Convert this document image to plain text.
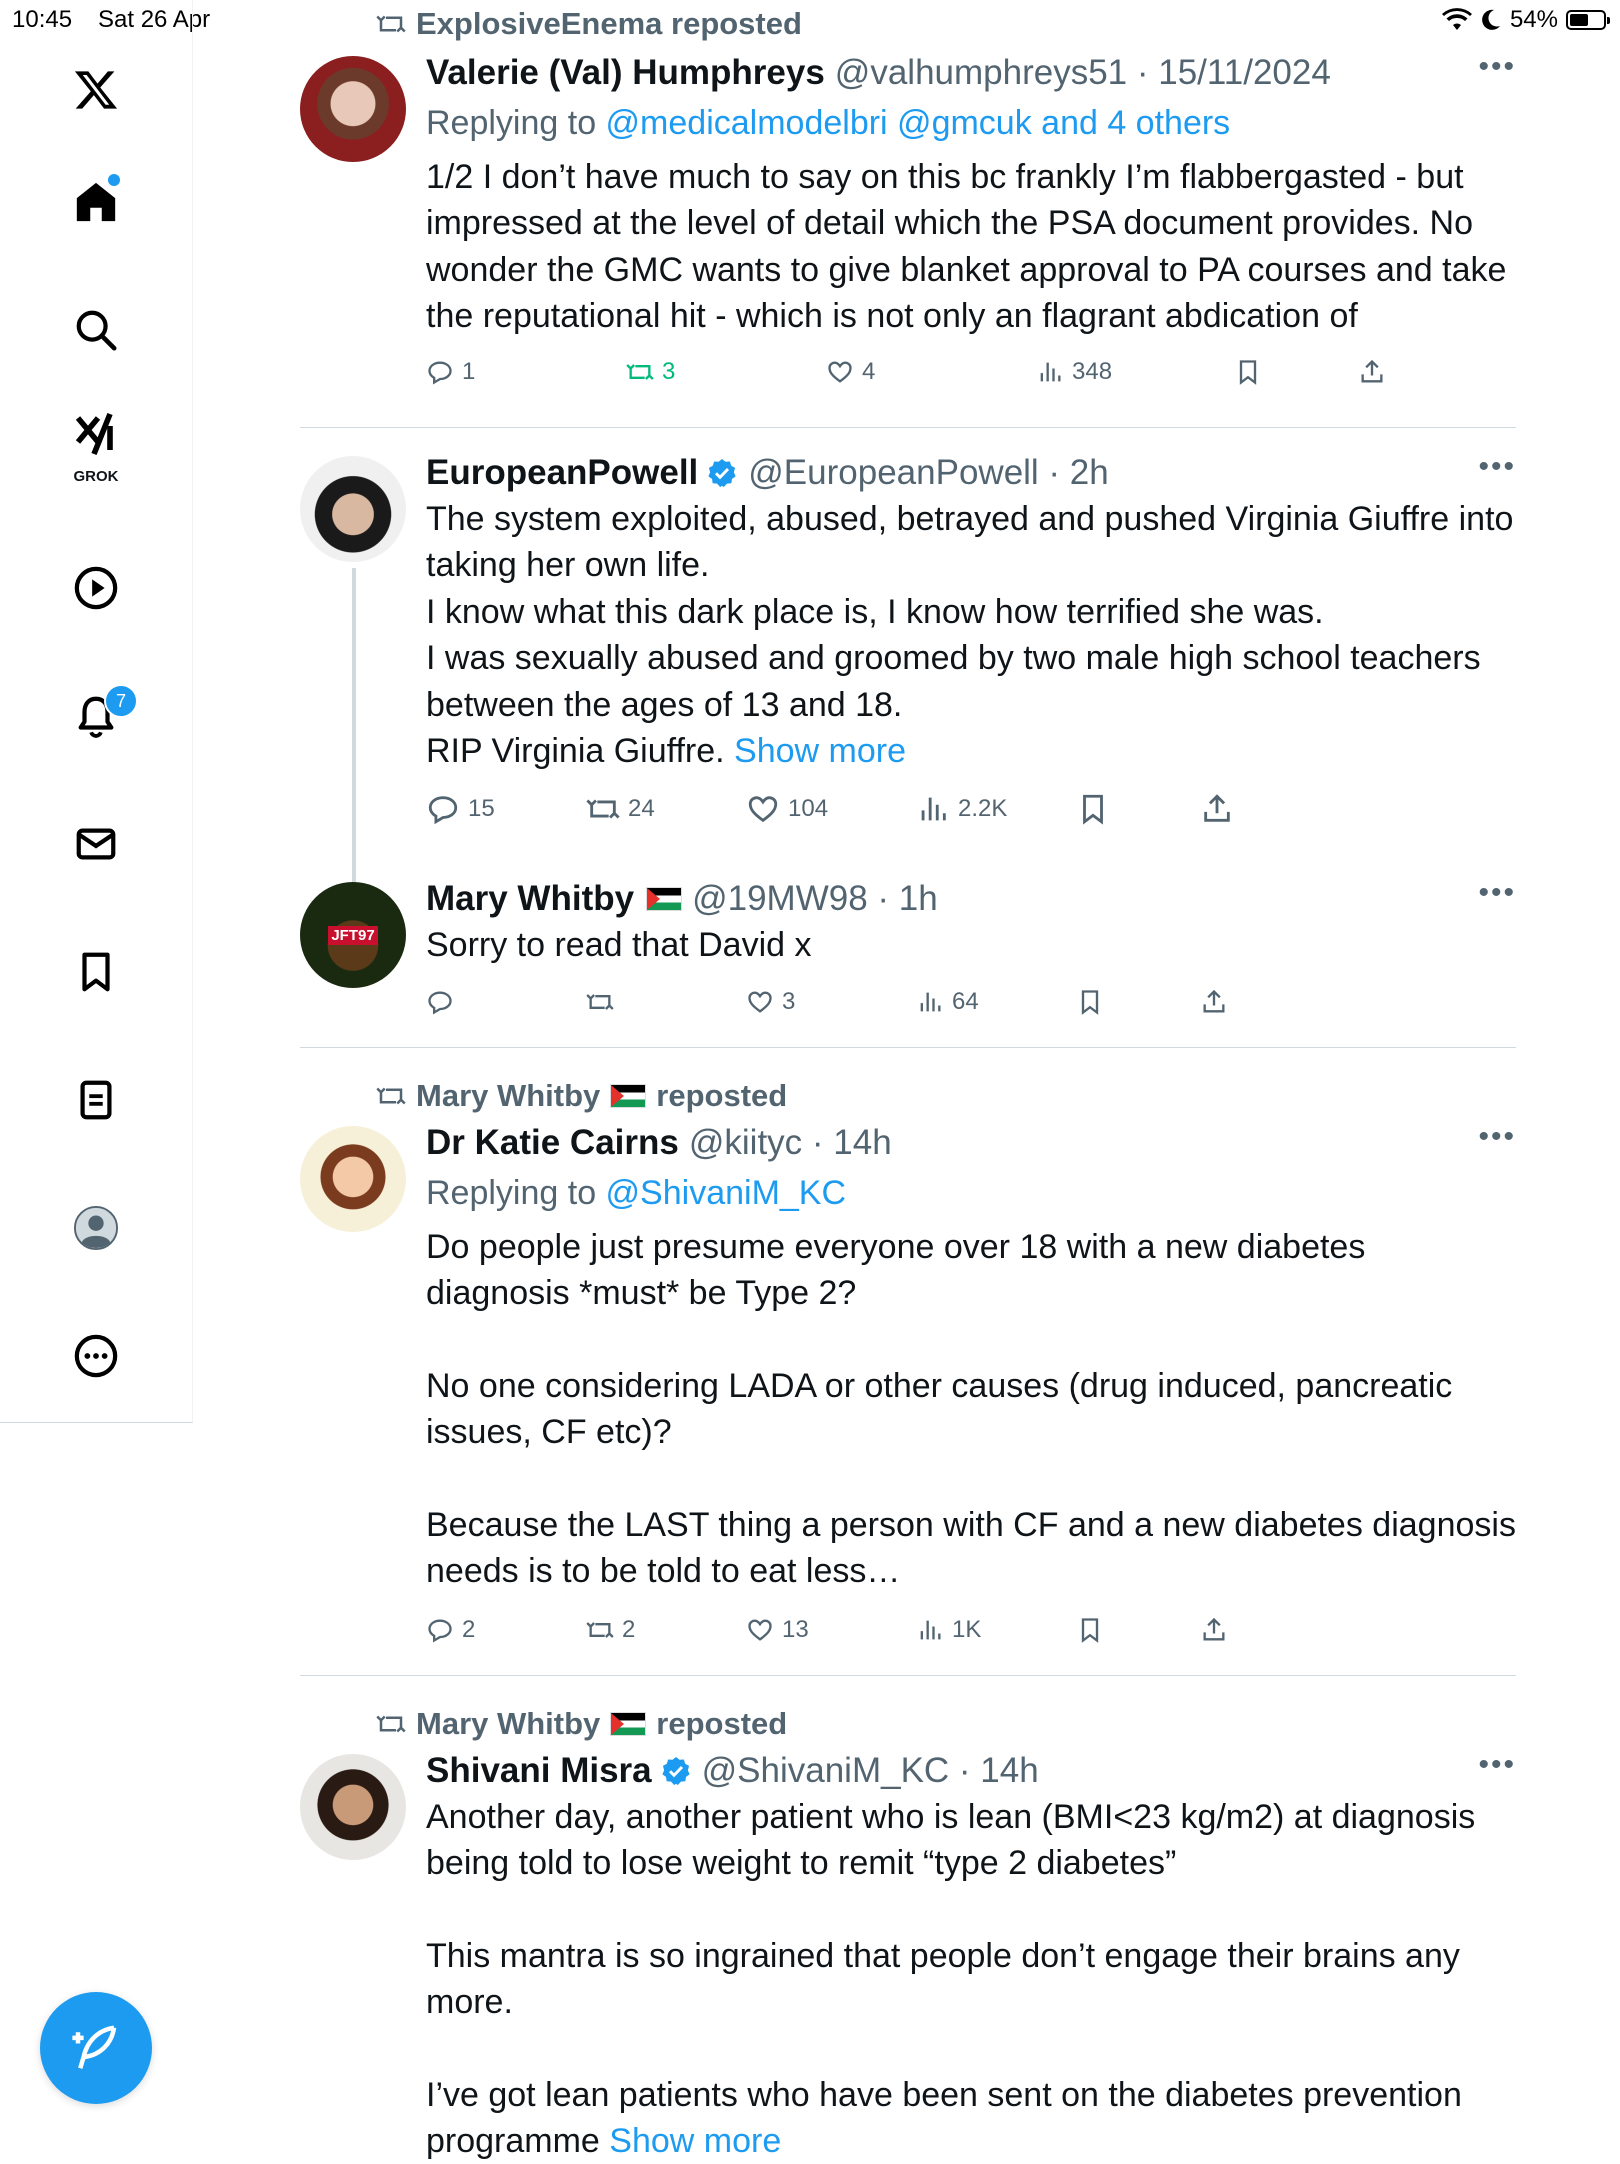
10:45 Sat 26 Apr	54%
GROK
7
ExplosiveEnema reposted
Valerie (Val) Humphreys @valhumphreys51 · 15/11/2024	•••
Replying to @medicalmodelbri @gmcuk and 4 others

1/2 I don’t have much to say on this bc frankly I’m flabbergasted - but impressed at the level of detail which the PSA document provides. No wonder the GMC wants to give blanket approval to PA courses and take the reputational hit - which is not only an flagrant abdication of

1	3	4	348
EuropeanPowell @EuropeanPowell · 2h	•••

The system exploited, abused, betrayed and pushed Virginia Giuffre into taking her own life.

I know what this dark place is, I know how terrified she was.

I was sexually abused and groomed by two male high school teachers between the ages of 13 and 18.

RIP Virginia Giuffre. Show more

15	24	104	2.2K
JFT97
Mary Whitby @19MW98 · 1h	•••

Sorry to read that David x

3	64
Mary Whitby reposted
Dr Katie Cairns @kiityc · 14h	•••
Replying to @ShivaniM_KC

Do people just presume everyone over 18 with a new diabetes diagnosis *must* be Type 2?

No one considering LADA or other causes (drug induced, pancreatic issues, CF etc)?

Because the LAST thing a person with CF and a new diabetes diagnosis needs is to be told to eat less…

2	2	13	1K
Mary Whitby reposted
Shivani Misra @ShivaniM_KC · 14h	•••

Another day, another patient who is lean (BMI<23 kg/m2) at diagnosis being told to lose weight to remit “type 2 diabetes”

This mantra is so ingrained that people don’t engage their brains any more.

I’ve got lean patients who have been sent on the diabetes prevention programme Show more
